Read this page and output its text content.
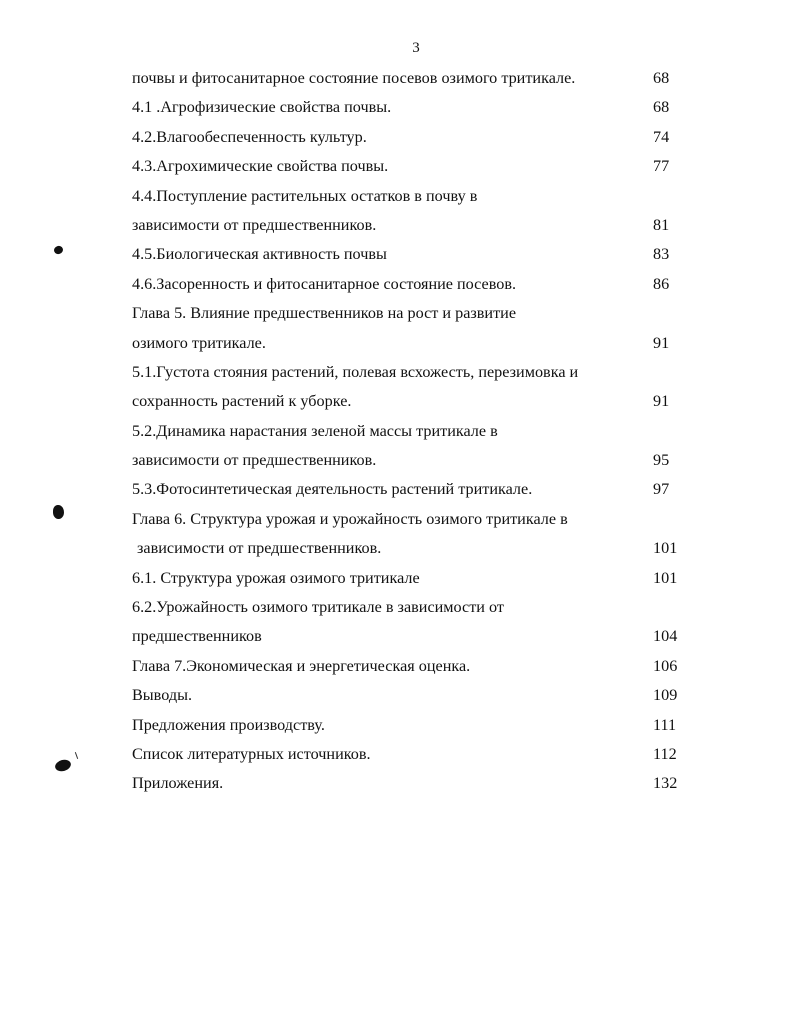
3
почвы и фитосанитарное состояние посевов озимого тритикале.	68
4.1 .Агрофизические свойства почвы.	68
4.2.Влагообеспеченность культур.	74
4.3.Агрохимические свойства почвы.	77
4.4.Поступление растительных остатков в почву в
зависимости от предшественников.	81
4.5.Биологическая активность почвы	83
4.6.Засоренность и фитосанитарное состояние посевов.	86
Глава 5. Влияние предшественников на рост и развитие
озимого тритикале.	91
5.1.Густота стояния растений, полевая всхожесть, перезимовка и
сохранность растений к уборке.	91
5.2.Динамика нарастания зеленой массы тритикале в
зависимости от предшественников.	95
5.3.Фотосинтетическая деятельность растений тритикале.	97
Глава 6. Структура урожая и урожайность озимого тритикале в
зависимости от предшественников.	101
6.1. Структура урожая озимого тритикале	101
6.2.Урожайность озимого тритикале в зависимости от
предшественников	104
Глава 7.Экономическая и энергетическая оценка.	106
Выводы.	109
Предложения производству.	111
Список литературных источников.	112
Приложения.	132
